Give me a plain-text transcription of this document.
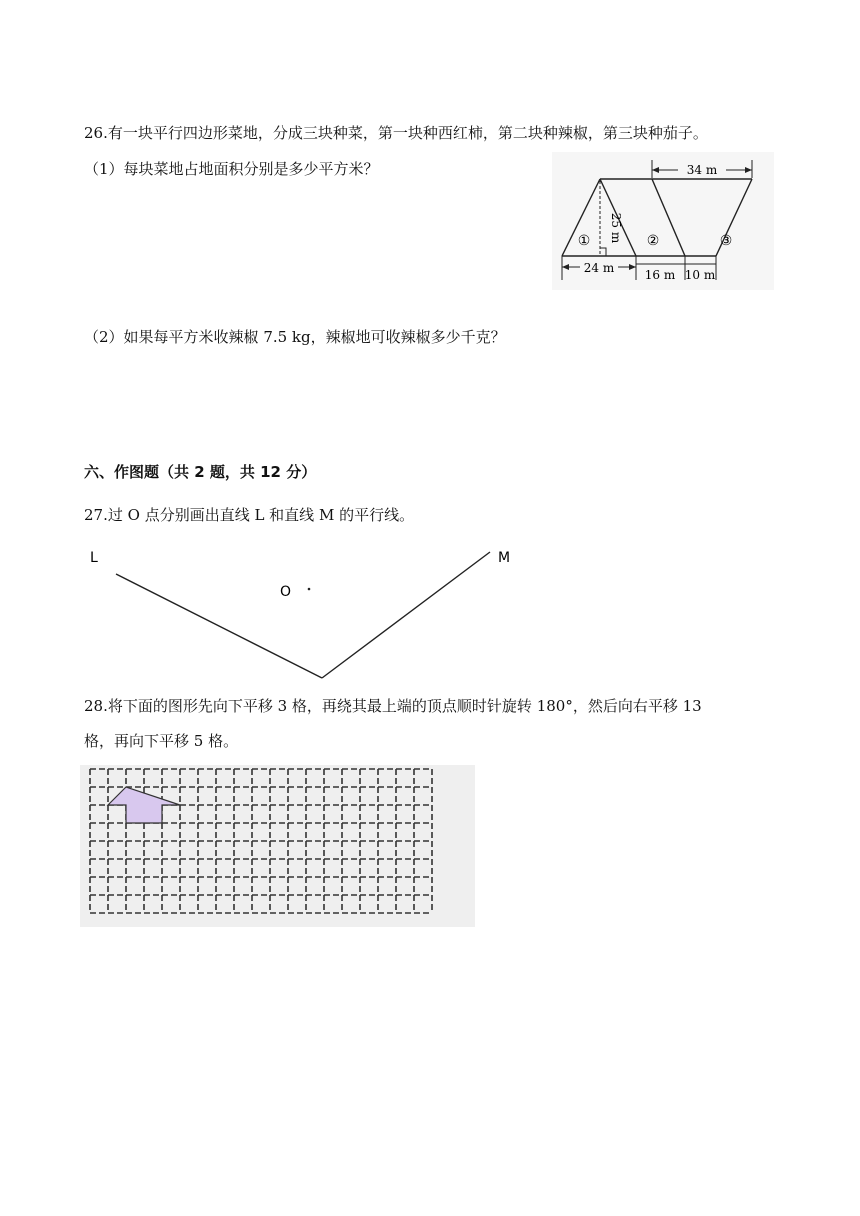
26.有一块平行四边形菜地，分成三块种菜，第一块种西红柿，第二块种辣椒，第三块种茄子。
（1）每块菜地占地面积分别是多少平方米？	34 m
25 m
①	②	③
24 m	16 m 10 m
（2）如果每平方米收辣椒 7.5 kg，辣椒地可收辣椒多少千克？
六、作图题（共 2 题，共 12 分）
27.过 O 点分别画出直线 L 和直线 M 的平行线。
L	M
O
28.将下面的图形先向下平移 3 格，再绕其最上端的顶点顺时针旋转 180°，然后向右平移 13
格，再向下平移 5 格。
